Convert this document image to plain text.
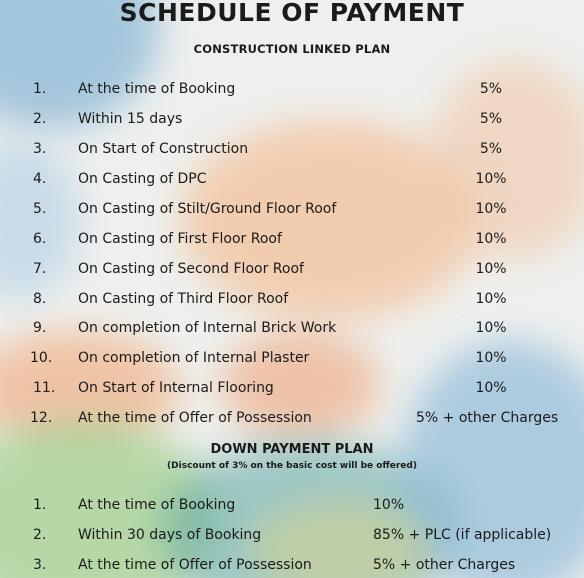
SCHEDULE OF PAYMENT
CONSTRUCTION LINKED PLAN
1. At the time of Booking	5%
2. Within 15 days	5%
3. On Start of Construction	5%
4. On Casting of DPC	10%
5. On Casting of Stilt/Ground Floor Roof	10%
6. On Casting of First Floor Roof	10%
7. On Casting of Second Floor Roof	10%
8. On Casting of Third Floor Roof	10%
9. On completion of Internal Brick Work	10%
10. On completion of Internal Plaster	10%
11. On Start of Internal Flooring	10%
12. At the time of Offer of Possession	5% + other Charges
DOWN PAYMENT PLAN

(Discount of 3% on the basic cost will be offered)

1. At the time of Booking	10%
2. Within 30 days of Booking	85% + PLC (if applicable)
3. At the time of Offer of Possession	5% + other Charges
